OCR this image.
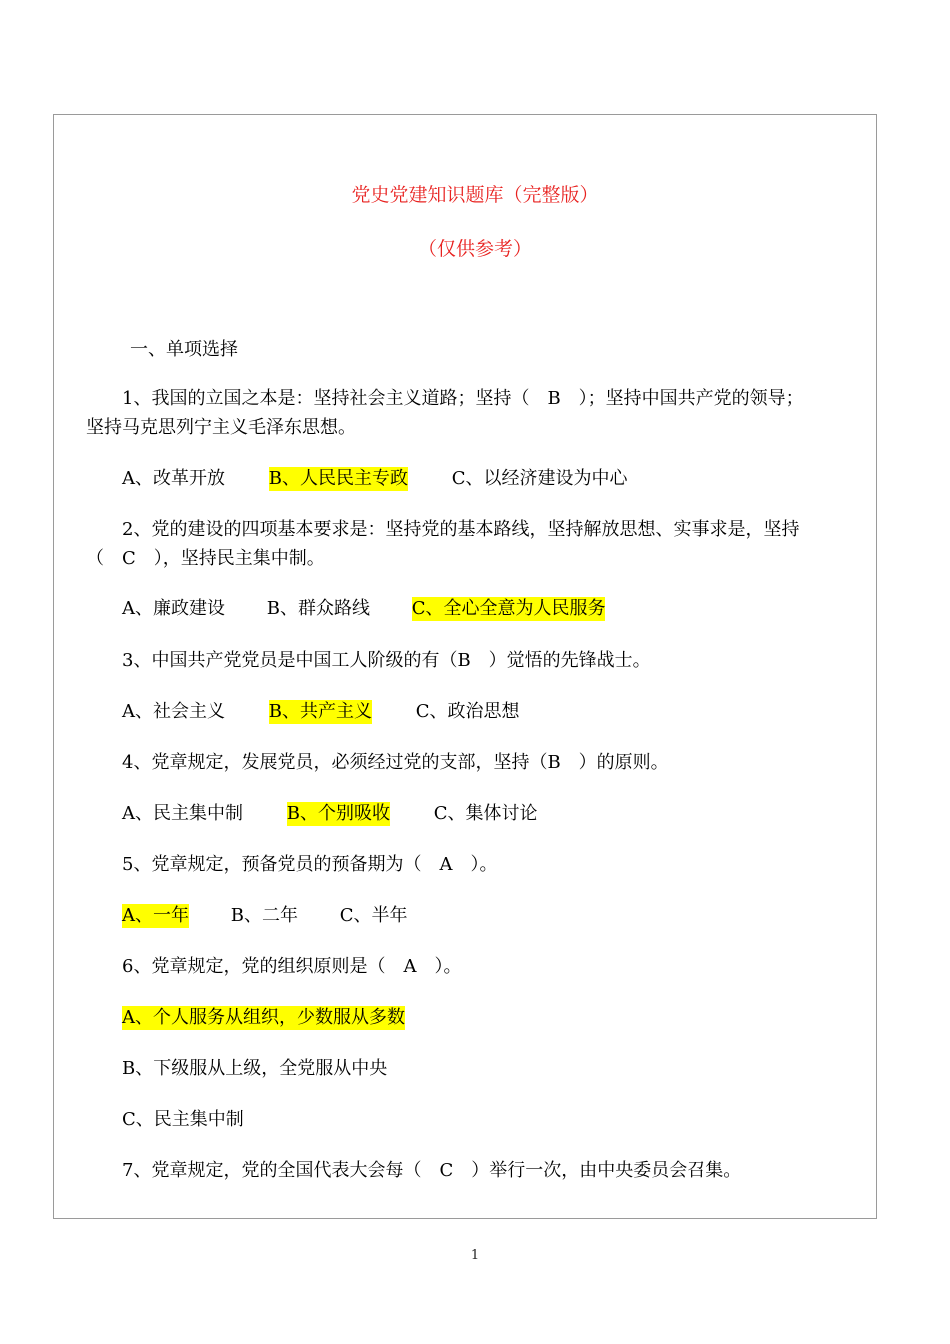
党史党建知识题库（完整版）
（仅供参考）
一、单项选择
1、我国的立国之本是：坚持社会主义道路；坚持（　B　）；坚持中国共产党的领导；
坚持马克思列宁主义毛泽东思想。
A、改革开放 B、人民民主专政 C、以经济建设为中心
2、党的建设的四项基本要求是：坚持党的基本路线，坚持解放思想、实事求是，坚持
（　C　），坚持民主集中制。
A、廉政建设 B、群众路线 C、全心全意为人民服务
3、中国共产党党员是中国工人阶级的有（B　）觉悟的先锋战士。
A、社会主义 B、共产主义 C、政治思想
4、党章规定，发展党员，必须经过党的支部，坚持（B　）的原则。
A、民主集中制 B、个别吸收 C、集体讨论
5、党章规定，预备党员的预备期为（　A　）。
A、一年 B、二年 C、半年
6、党章规定，党的组织原则是（　A　）。
A、个人服务从组织，少数服从多数
B、下级服从上级，全党服从中央
C、民主集中制
7、党章规定，党的全国代表大会每（　C　）举行一次，由中央委员会召集。
1
